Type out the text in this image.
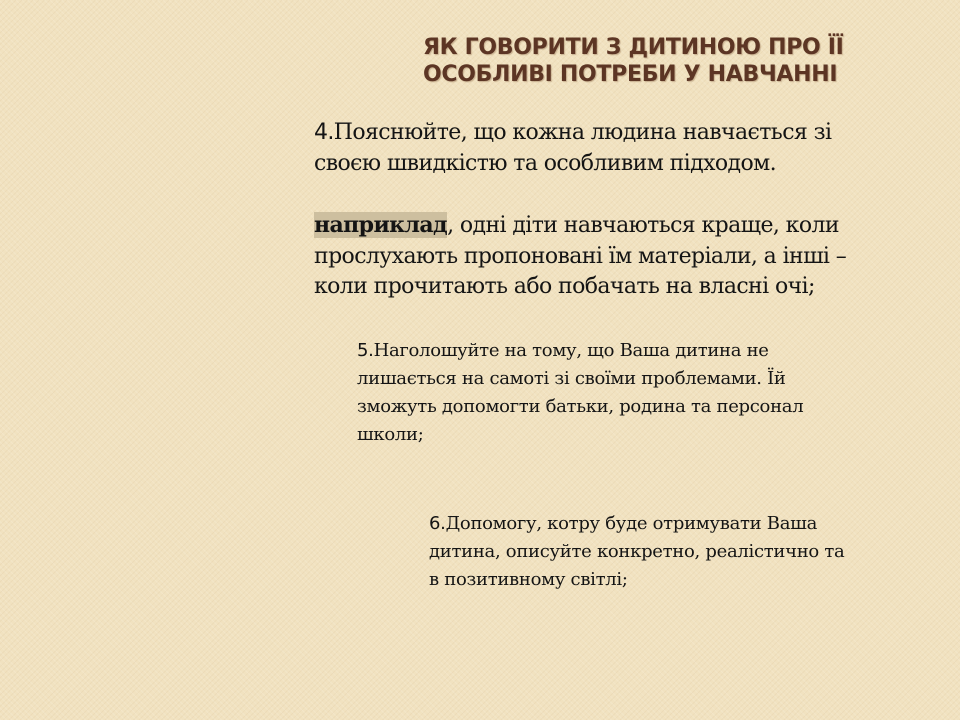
ЯК ГОВОРИТИ З ДИТИНОЮ ПРО ЇЇ
ОСОБЛИВІ ПОТРЕБИ У НАВЧАННІ

4.Пояснюйте, що кожна людина навчається зі

своєю швидкістю та особливим підходом.

наприклад, одні діти навчаються краще, коли

прослухають пропоновані їм матеріали, а інші –

коли прочитають або побачать на власні очі;

5.Наголошуйте на тому, що Ваша дитина не

лишається на самоті зі своїми проблемами. Їй

зможуть допомогти батьки, родина та персонал

школи;

6.Допомогу, котру буде отримувати Ваша

дитина, описуйте конкретно, реалістично та

в позитивному світлі;
